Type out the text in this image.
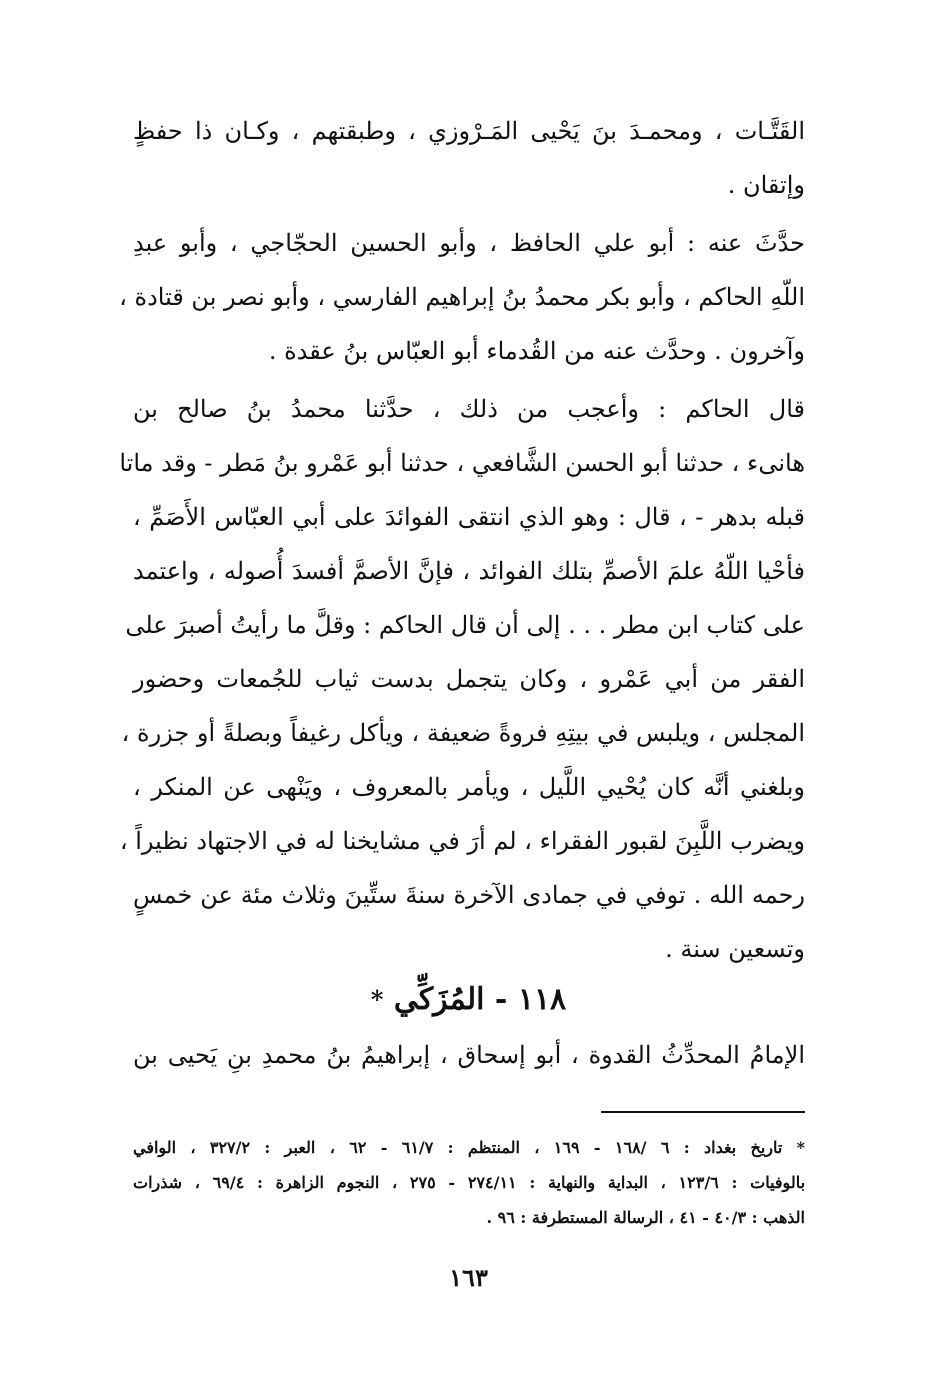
القَتَّـات ، ومحمـدَ بنَ يَحْيى المَـرْوزي ، وطبقتهم ، وكـان ذا حفظٍ
وإتقان .
حدَّثَ عنه : أبو علي الحافظ ، وأبو الحسين الحجّاجي ، وأبو عبدِ
اللّهِ الحاكم ، وأبو بكر محمدُ بنُ إبراهيم الفارسي ، وأبو نصر بن قتادة ،
وآخرون . وحدَّث عنه من القُدماء أبو العبّاس بنُ عقدة .
قال الحاكم : وأعجب من ذلك ، حدَّثنا محمدُ بنُ صالح بن
هانىء ، حدثنا أبو الحسن الشَّافعي ، حدثنا أبو عَمْرو بنُ مَطر - وقد ماتا
قبله بدهر - ، قال : وهو الذي انتقى الفوائدَ على أبي العبّاس الأَصَمِّ ،
فأحْيا اللّهُ علمَ الأصمِّ بتلك الفوائد ، فإنَّ الأصمَّ أفسدَ أُصوله ، واعتمد
على كتاب ابن مطر . . . إلى أن قال الحاكم : وقلَّ ما رأيتُ أصبرَ على
الفقر من أبي عَمْرو ، وكان يتجمل بدست ثياب للجُمعات وحضور
المجلس ، ويلبس في بيتِهِ فروةً ضعيفة ، ويأكل رغيفاً وبصلةً أو جزرة ،
وبلغني أنَّه كان يُحْيي اللَّيل ، ويأمر بالمعروف ، ويَنْهى عن المنكر ،
ويضرب اللَّبِنَ لقبور الفقراء ، لم أرَ في مشايخنا له في الاجتهاد نظيراً ،
رحمه الله . توفي في جمادى الآخرة سنةَ ستِّينَ وثلاث مئة عن خمسٍ
وتسعين سنة .
١١٨ - المُزَكِّي *
الإمامُ المحدِّثُ القدوة ، أبو إسحاق ، إبراهيمُ بنُ محمدِ بنِ يَحيى بن
* تاريخ بغداد : ٦ /١٦٨ - ١٦٩ ، المنتظم : ٦١/٧ - ٦٢ ، العبر : ٣٢٧/٢ ، الوافي
بالوفيات : ١٢٣/٦ ، البداية والنهاية : ٢٧٤/١١ - ٢٧٥ ، النجوم الزاهرة : ٦٩/٤ ، شذرات
الذهب : ٤٠/٣ - ٤١ ، الرسالة المستطرفة : ٩٦ .
١٦٣
